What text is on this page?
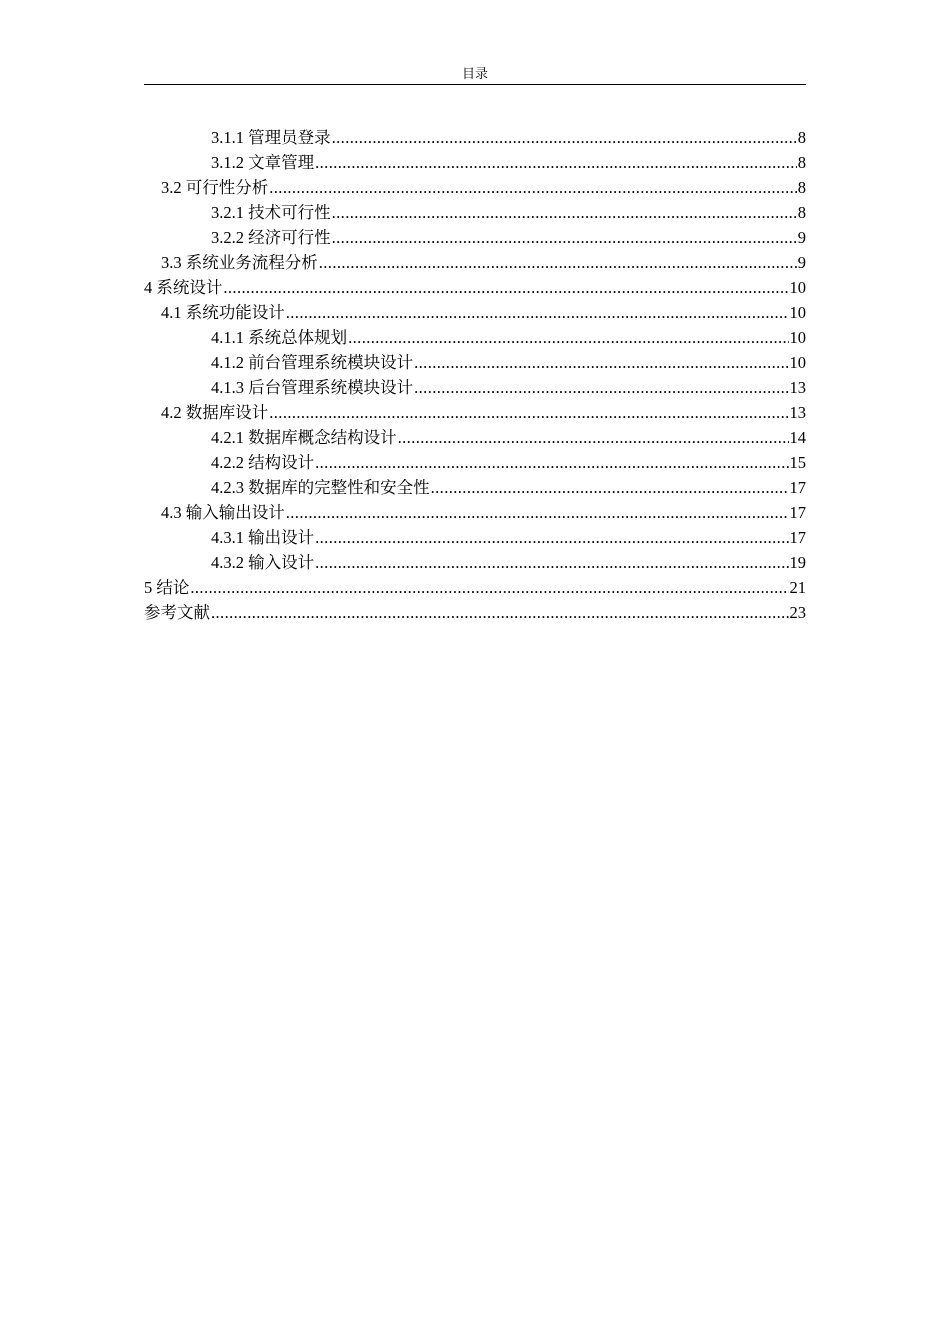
目录
3.1.1 管理员登录 .....	8
3.1.2 文章管理 .....	8
3.2 可行性分析 .....	8
3.2.1 技术可行性 .....	8
3.2.2 经济可行性 .....	9
3.3 系统业务流程分析 .....	9
4 系统设计 .....	10
4.1 系统功能设计 .....	10
4.1.1 系统总体规划 .....	10
4.1.2 前台管理系统模块设计 .....	10
4.1.3 后台管理系统模块设计 .....	13
4.2 数据库设计 .....	13
4.2.1 数据库概念结构设计 .....	14
4.2.2 结构设计 .....	15
4.2.3 数据库的完整性和安全性 .....	17
4.3 输入输出设计 .....	17
4.3.1 输出设计 .....	17
4.3.2 输入设计 .....	19
5 结论 .....	21
参考文献 .....	23
